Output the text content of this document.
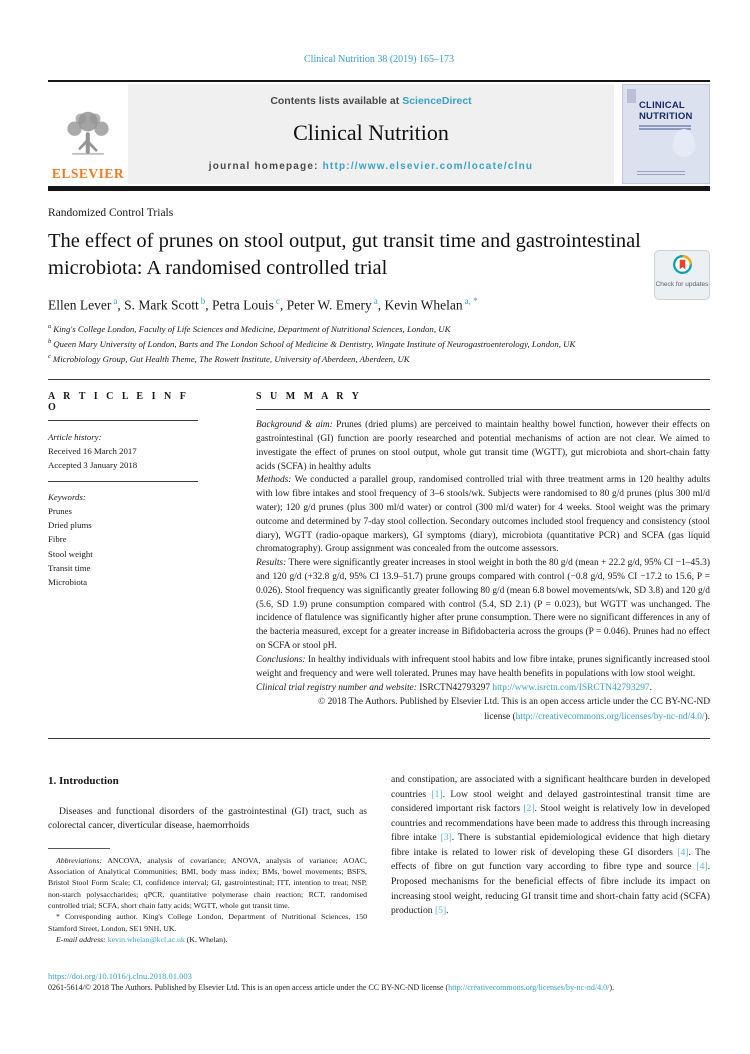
Clinical Nutrition 38 (2019) 165–173
ELSEVIER
Contents lists available at ScienceDirect
Clinical Nutrition
journal homepage: http://www.elsevier.com/locate/clnu
CLINICAL
NUTRITION
Randomized Control Trials
The effect of prunes on stool output, gut transit time and gastrointestinal microbiota: A randomised controlled trial
Check for updates
Ellen Lever $^a$, S. Mark Scott $^b$, Petra Louis $^c$, Peter W. Emery $^a$, Kevin Whelan $^{a, *}$
$^a$ King's College London, Faculty of Life Sciences and Medicine, Department of Nutritional Sciences, London, UK
$^b$ Queen Mary University of London, Barts and The London School of Medicine & Dentistry, Wingate Institute of Neurogastroenterology, London, UK
$^c$ Microbiology Group, Gut Health Theme, The Rowett Institute, University of Aberdeen, Aberdeen, UK
A R T I C L E I N F O
Article history:
Received 16 March 2017
Accepted 3 January 2018
Keywords:
Prunes
Dried plums
Fibre
Stool weight
Transit time
Microbiota
S U M M A R Y
Background & aim: Prunes (dried plums) are perceived to maintain healthy bowel function, however their effects on gastrointestinal (GI) function are poorly researched and potential mechanisms of action are not clear. We aimed to investigate the effect of prunes on stool output, whole gut transit time (WGTT), gut microbiota and short-chain fatty acids (SCFA) in healthy adults
Methods: We conducted a parallel group, randomised controlled trial with three treatment arms in 120 healthy adults with low fibre intakes and stool frequency of 3–6 stools/wk. Subjects were randomised to 80 g/d prunes (plus 300 ml/d water); 120 g/d prunes (plus 300 ml/d water) or control (300 ml/d water) for 4 weeks. Stool weight was the primary outcome and determined by 7-day stool collection. Secondary outcomes included stool frequency and consistency (stool diary), WGTT (radio-opaque markers), GI symptoms (diary), microbiota (quantitative PCR) and SCFA (gas liquid chromatography). Group assignment was concealed from the outcome assessors.
Results: There were significantly greater increases in stool weight in both the 80 g/d (mean + 22.2 g/d, 95% CI −1–45.3) and 120 g/d (+32.8 g/d, 95% CI 13.9–51.7) prune groups compared with control (−0.8 g/d, 95% CI −17.2 to 15.6, P = 0.026). Stool frequency was significantly greater following 80 g/d (mean 6.8 bowel movements/wk, SD 3.8) and 120 g/d (5.6, SD 1.9) prune consumption compared with control (5.4, SD 2.1) (P = 0.023), but WGTT was unchanged. The incidence of flatulence was significantly higher after prune consumption. There were no significant differences in any of the bacteria measured, except for a greater increase in Bifidobacteria across the groups (P = 0.046). Prunes had no effect on SCFA or stool pH.
Conclusions: In healthy individuals with infrequent stool habits and low fibre intake, prunes significantly increased stool weight and frequency and were well tolerated. Prunes may have health benefits in populations with low stool weight.
Clinical trial registry number and website: ISRCTN42793297 http://www.isrctn.com/ISRCTN42793297.
© 2018 The Authors. Published by Elsevier Ltd. This is an open access article under the CC BY-NC-ND
license (http://creativecommons.org/licenses/by-nc-nd/4.0/).
1. Introduction

Diseases and functional disorders of the gastrointestinal (GI) tract, such as colorectal cancer, diverticular disease, haemorrhoids

Abbreviations: ANCOVA, analysis of covariance; ANOVA, analysis of variance; AOAC, Association of Analytical Communities; BMI, body mass index; BMs, bowel movements; BSFS, Bristol Stool Form Scale; CI, confidence interval; GI, gastrointestinal; ITT, intention to treat; NSP, non-starch polysaccharides; qPCR, quantitative polymerase chain reaction; RCT, randomised controlled trial; SCFA, short chain fatty acids; WGTT, whole gut transit time.

* Corresponding author. King's College London, Department of Nutritional Sciences, 150 Stamford Street, London, SE1 9NH, UK.

E-mail address: kevin.whelan@kcl.ac.uk (K. Whelan).

and constipation, are associated with a significant healthcare burden in developed countries [1]. Low stool weight and delayed gastrointestinal transit time are considered important risk factors [2]. Stool weight is relatively low in developed countries and recommendations have been made to address this through increasing fibre intake [3]. There is substantial epidemiological evidence that high dietary fibre intake is related to lower risk of developing these GI disorders [4]. The effects of fibre on gut function vary according to fibre type and source [4]. Proposed mechanisms for the beneficial effects of fibre include its impact on increasing stool weight, reducing GI transit time and short-chain fatty acid (SCFA) production [5].

https://doi.org/10.1016/j.clnu.2018.01.003
0261-5614/© 2018 The Authors. Published by Elsevier Ltd. This is an open access article under the CC BY-NC-ND license (http://creativecommons.org/licenses/by-nc-nd/4.0/).
